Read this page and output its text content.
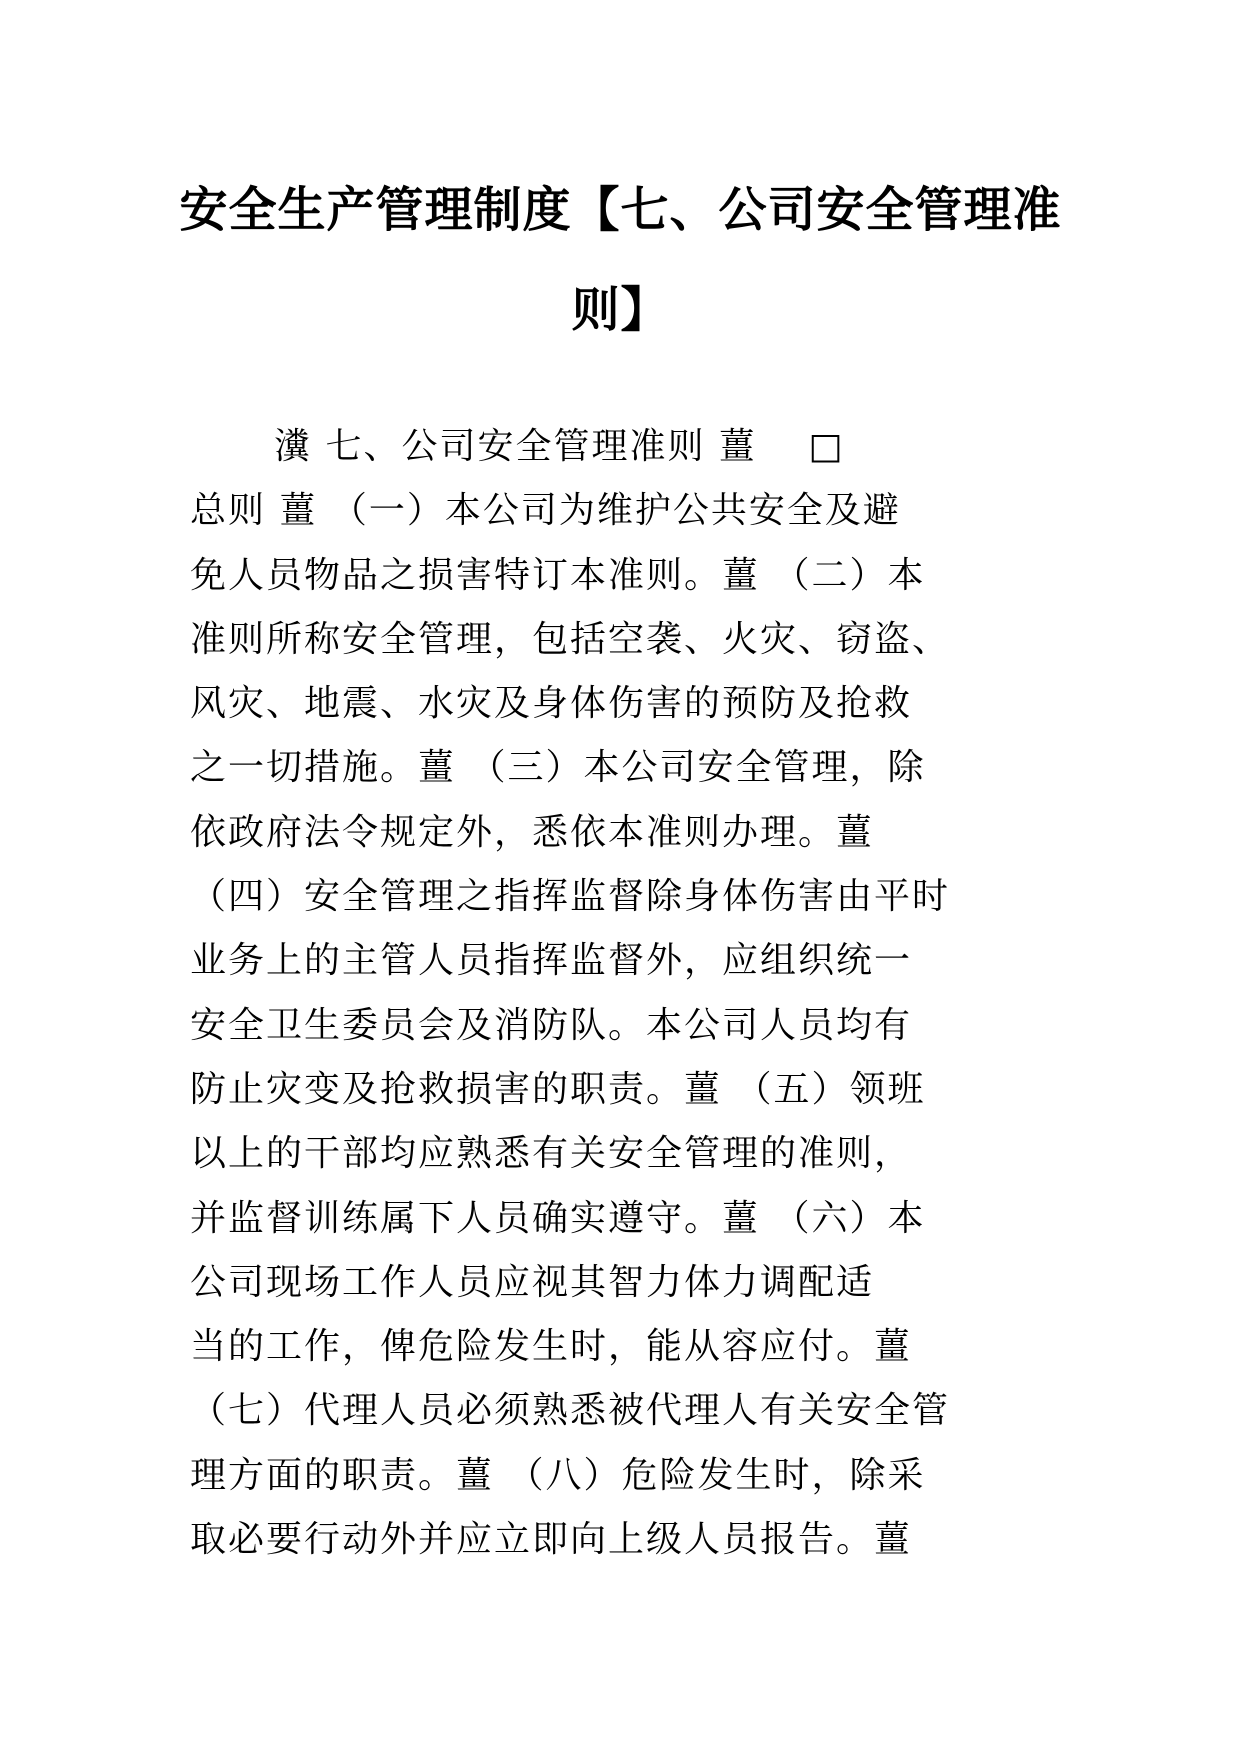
安全生产管理制度【七、公司安全管理准则】
瀵 七、公司安全管理准则 薑 　□
总则 薑 （一）本公司为维护公共安全及避
免人员物品之损害特订本准则。薑 （二）本
准则所称安全管理，包括空袭、火灾、窃盗、
风灾、地震、水灾及身体伤害的预防及抢救
之一切措施。薑 （三）本公司安全管理，除
依政府法令规定外，悉依本准则办理。薑
（四）安全管理之指挥监督除身体伤害由平时
业务上的主管人员指挥监督外，应组织统一
安全卫生委员会及消防队。本公司人员均有
防止灾变及抢救损害的职责。薑 （五）领班
以上的干部均应熟悉有关安全管理的准则，
并监督训练属下人员确实遵守。薑 （六）本
公司现场工作人员应视其智力体力调配适
当的工作，俾危险发生时，能从容应付。薑
（七）代理人员必须熟悉被代理人有关安全管
理方面的职责。薑 （八）危险发生时，除采
取必要行动外并应立即向上级人员报告。薑
